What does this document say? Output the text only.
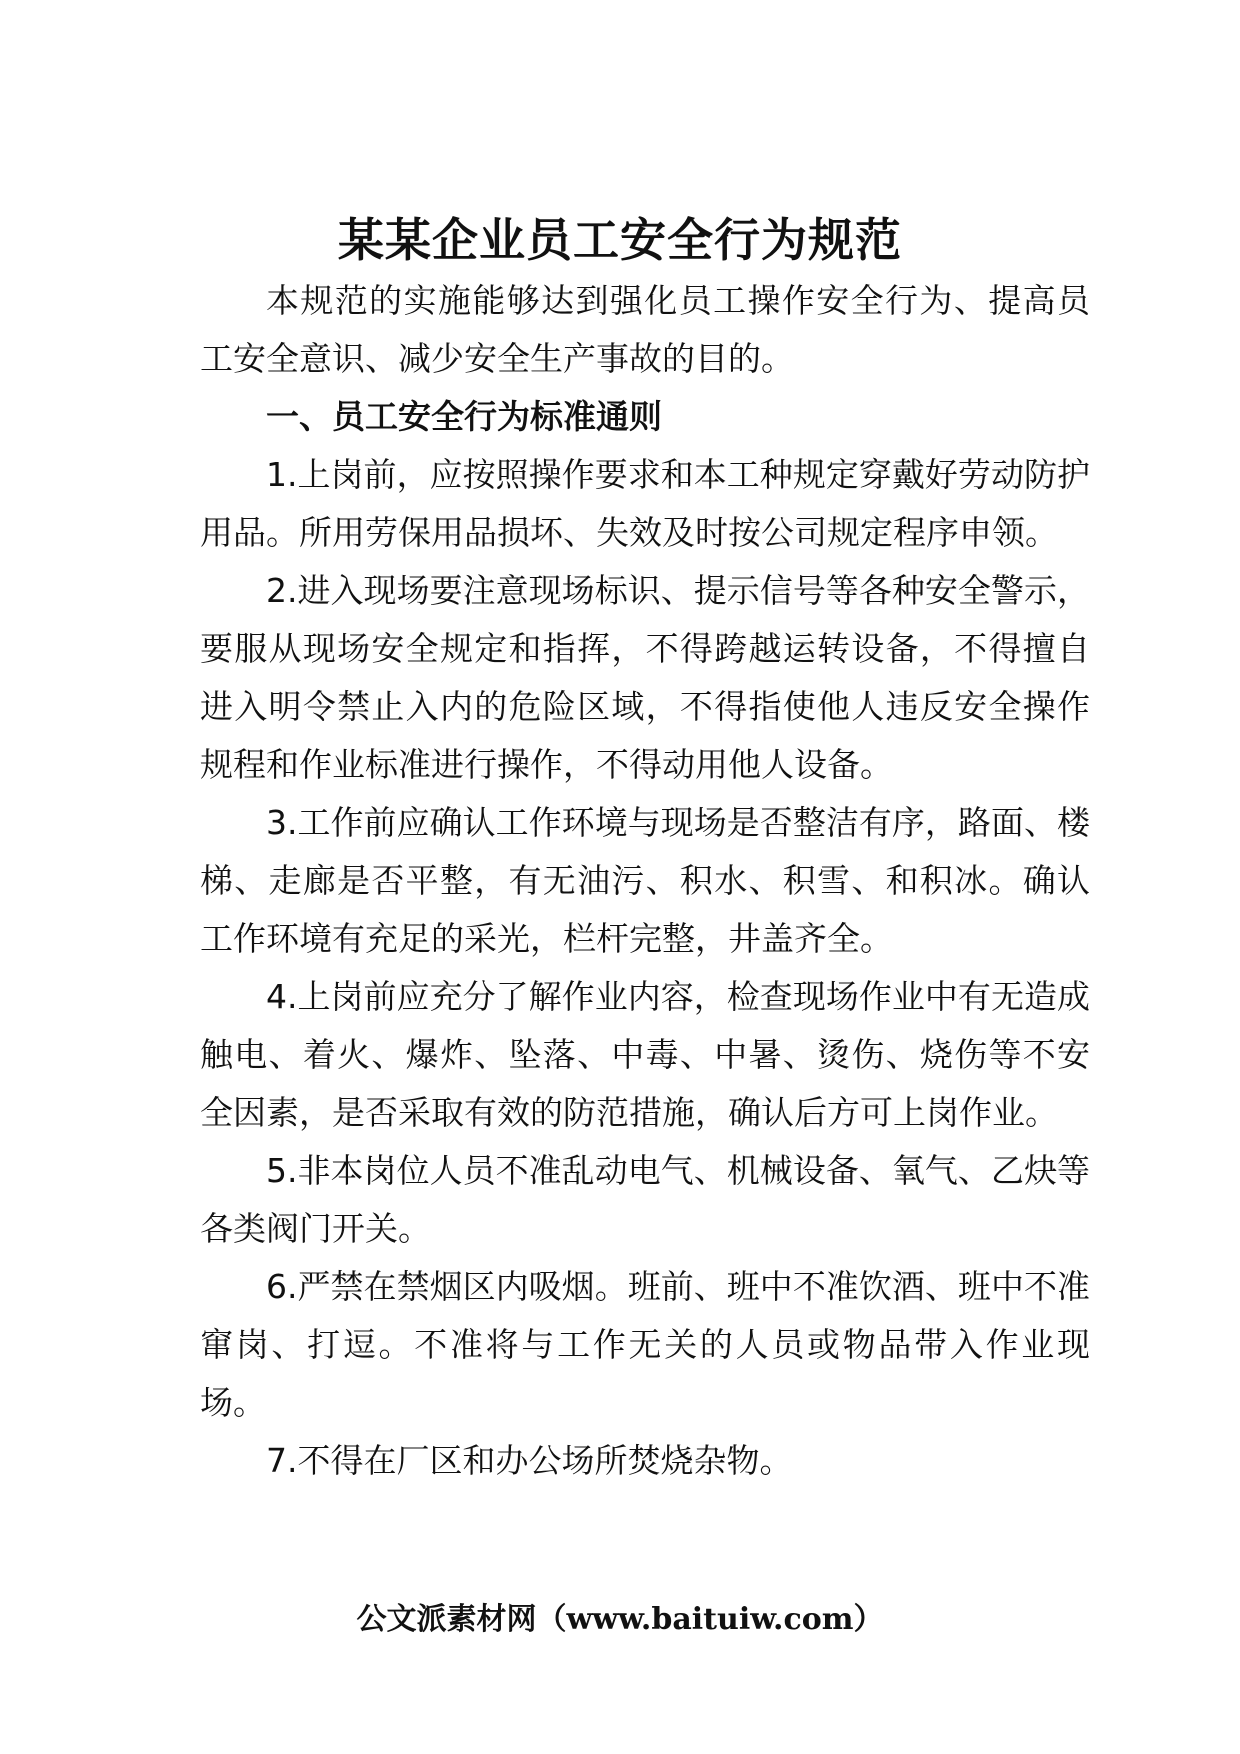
某某企业员工安全行为规范

本规范的实施能够达到强化员工操作安全行为、提高员工安全意识、减少安全生产事故的目的。

一、员工安全行为标准通则

1.上岗前，应按照操作要求和本工种规定穿戴好劳动防护用品。所用劳保用品损坏、失效及时按公司规定程序申领。

2.进入现场要注意现场标识、提示信号等各种安全警示，要服从现场安全规定和指挥，不得跨越运转设备，不得擅自进入明令禁止入内的危险区域，不得指使他人违反安全操作规程和作业标准进行操作，不得动用他人设备。

3.工作前应确认工作环境与现场是否整洁有序，路面、楼梯、走廊是否平整，有无油污、积水、积雪、和积冰。确认工作环境有充足的采光，栏杆完整，井盖齐全。

4.上岗前应充分了解作业内容，检查现场作业中有无造成触电、着火、爆炸、坠落、中毒、中暑、烫伤、烧伤等不安全因素，是否采取有效的防范措施，确认后方可上岗作业。

5.非本岗位人员不准乱动电气、机械设备、氧气、乙炔等各类阀门开关。

6.严禁在禁烟区内吸烟。班前、班中不准饮酒、班中不准窜岗、打逗。不准将与工作无关的人员或物品带入作业现场。

7.不得在厂区和办公场所焚烧杂物。

公文派素材网（www.baituiw.com）
